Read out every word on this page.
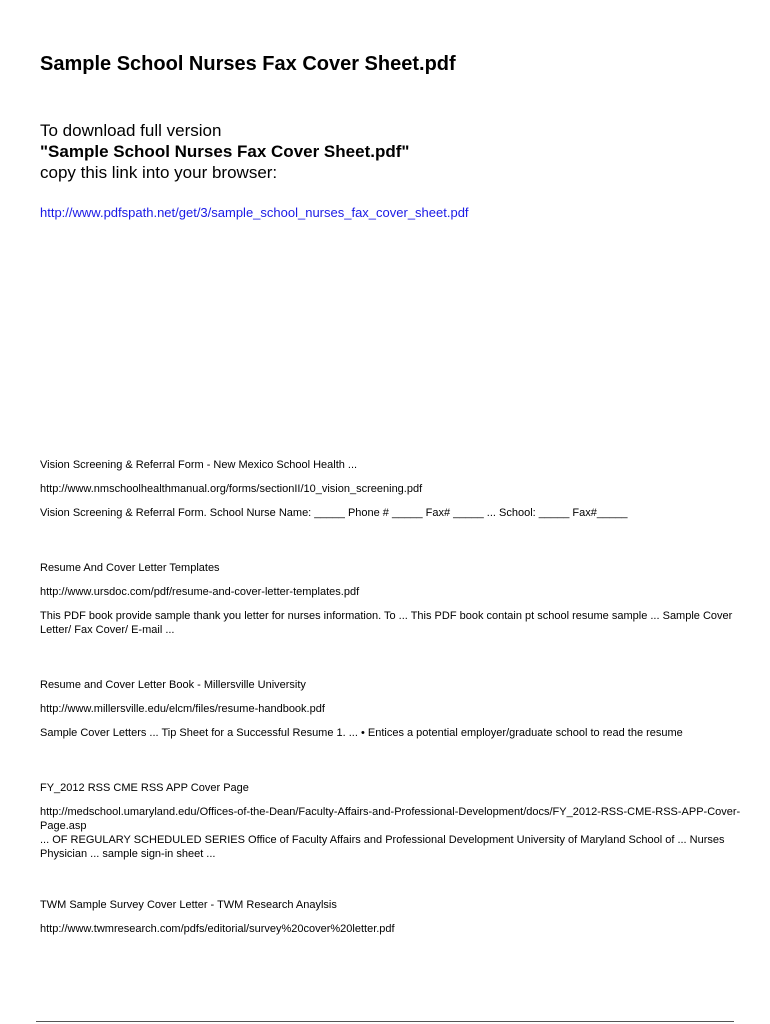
Sample School Nurses Fax Cover Sheet.pdf
To download full version
"Sample School Nurses Fax Cover Sheet.pdf"
copy this link into your browser:
http://www.pdfspath.net/get/3/sample_school_nurses_fax_cover_sheet.pdf
Vision Screening & Referral Form - New Mexico School Health ...
http://www.nmschoolhealthmanual.org/forms/sectionII/10_vision_screening.pdf
Vision Screening & Referral Form. School Nurse Name: _____ Phone # _____ Fax# _____ ... School: _____ Fax#_____
Resume And Cover Letter Templates
http://www.ursdoc.com/pdf/resume-and-cover-letter-templates.pdf
This PDF book provide sample thank you letter for nurses information. To ... This PDF book contain pt school resume sample ... Sample Cover Letter/ Fax Cover/ E-mail ...
Resume and Cover Letter Book - Millersville University
http://www.millersville.edu/elcm/files/resume-handbook.pdf
Sample Cover Letters ... Tip Sheet for a Successful Resume 1. ... • Entices a potential employer/graduate school to read the resume
FY_2012 RSS CME RSS APP Cover Page
http://medschool.umaryland.edu/Offices-of-the-Dean/Faculty-Affairs-and-Professional-Development/docs/FY_2012-RSS-CME-RSS-APP-Cover-Page.asp
... OF REGULARY SCHEDULED SERIES Office of Faculty Affairs and Professional Development University of Maryland School of ... Nurses Physician ... sample sign-in sheet ...
TWM Sample Survey Cover Letter - TWM Research Anaylsis
http://www.twmresearch.com/pdfs/editorial/survey%20cover%20letter.pdf
